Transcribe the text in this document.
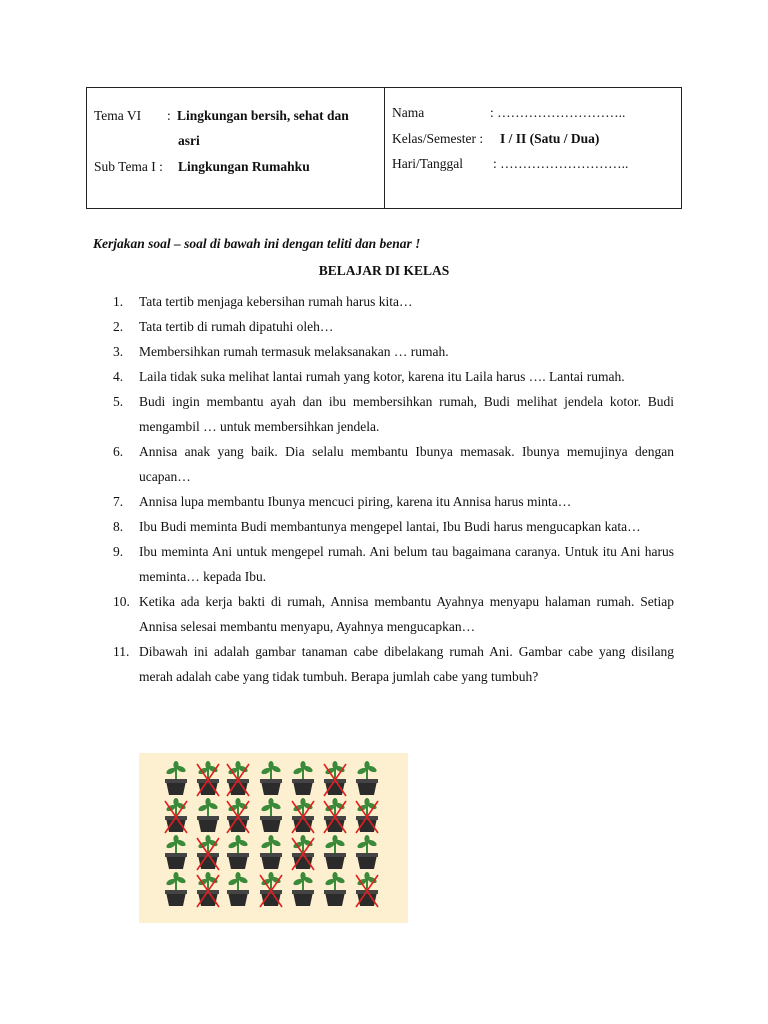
Tema VI : Lingkungan bersih, sehat dan
asri
Sub Tema I : Lingkungan Rumahku
Nama	: ………………………..
Kelas/Semester : I / II (Satu / Dua)
Hari/Tanggal : ………………………..
Kerjakan soal – soal di bawah ini dengan teliti dan benar !
BELAJAR DI KELAS
1. Tata tertib menjaga kebersihan rumah harus kita…
2. Tata tertib di rumah dipatuhi oleh…
3. Membersihkan rumah termasuk melaksanakan … rumah.
4. Laila tidak suka melihat lantai rumah yang kotor, karena itu Laila harus …. Lantai rumah.
5. Budi ingin membantu ayah dan ibu membersihkan rumah, Budi melihat jendela kotor. Budi mengambil … untuk membersihkan jendela.
6. Annisa anak yang baik. Dia selalu membantu Ibunya memasak. Ibunya memujinya dengan ucapan…
7. Annisa lupa membantu Ibunya mencuci piring, karena itu Annisa harus minta…
8. Ibu Budi meminta Budi membantunya mengepel lantai, Ibu Budi harus mengucapkan kata…
9. Ibu meminta Ani untuk mengepel rumah. Ani belum tau bagaimana caranya. Untuk itu Ani harus meminta… kepada Ibu.
10. Ketika ada kerja bakti di rumah, Annisa membantu Ayahnya menyapu halaman rumah. Setiap Annisa selesai membantu menyapu, Ayahnya mengucapkan…
11. Dibawah ini adalah gambar tanaman cabe dibelakang rumah Ani. Gambar cabe yang disilang merah adalah cabe yang tidak tumbuh. Berapa jumlah cabe yang tumbuh?
